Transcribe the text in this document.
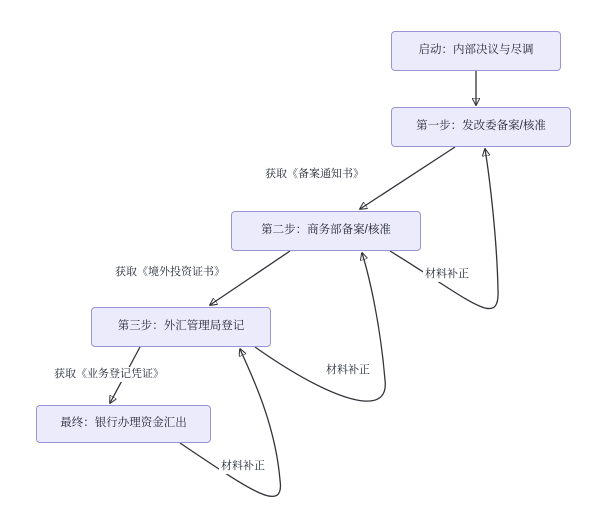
启动：内部决议与尽调
第一步：发改委备案/核准
第二步：商务部备案/核准
第三步：外汇管理局登记
最终：银行办理资金汇出
获取《备案通知书》
获取《境外投资证书》
获取《业务登记凭证》
材料补正
材料补正
材料补正
